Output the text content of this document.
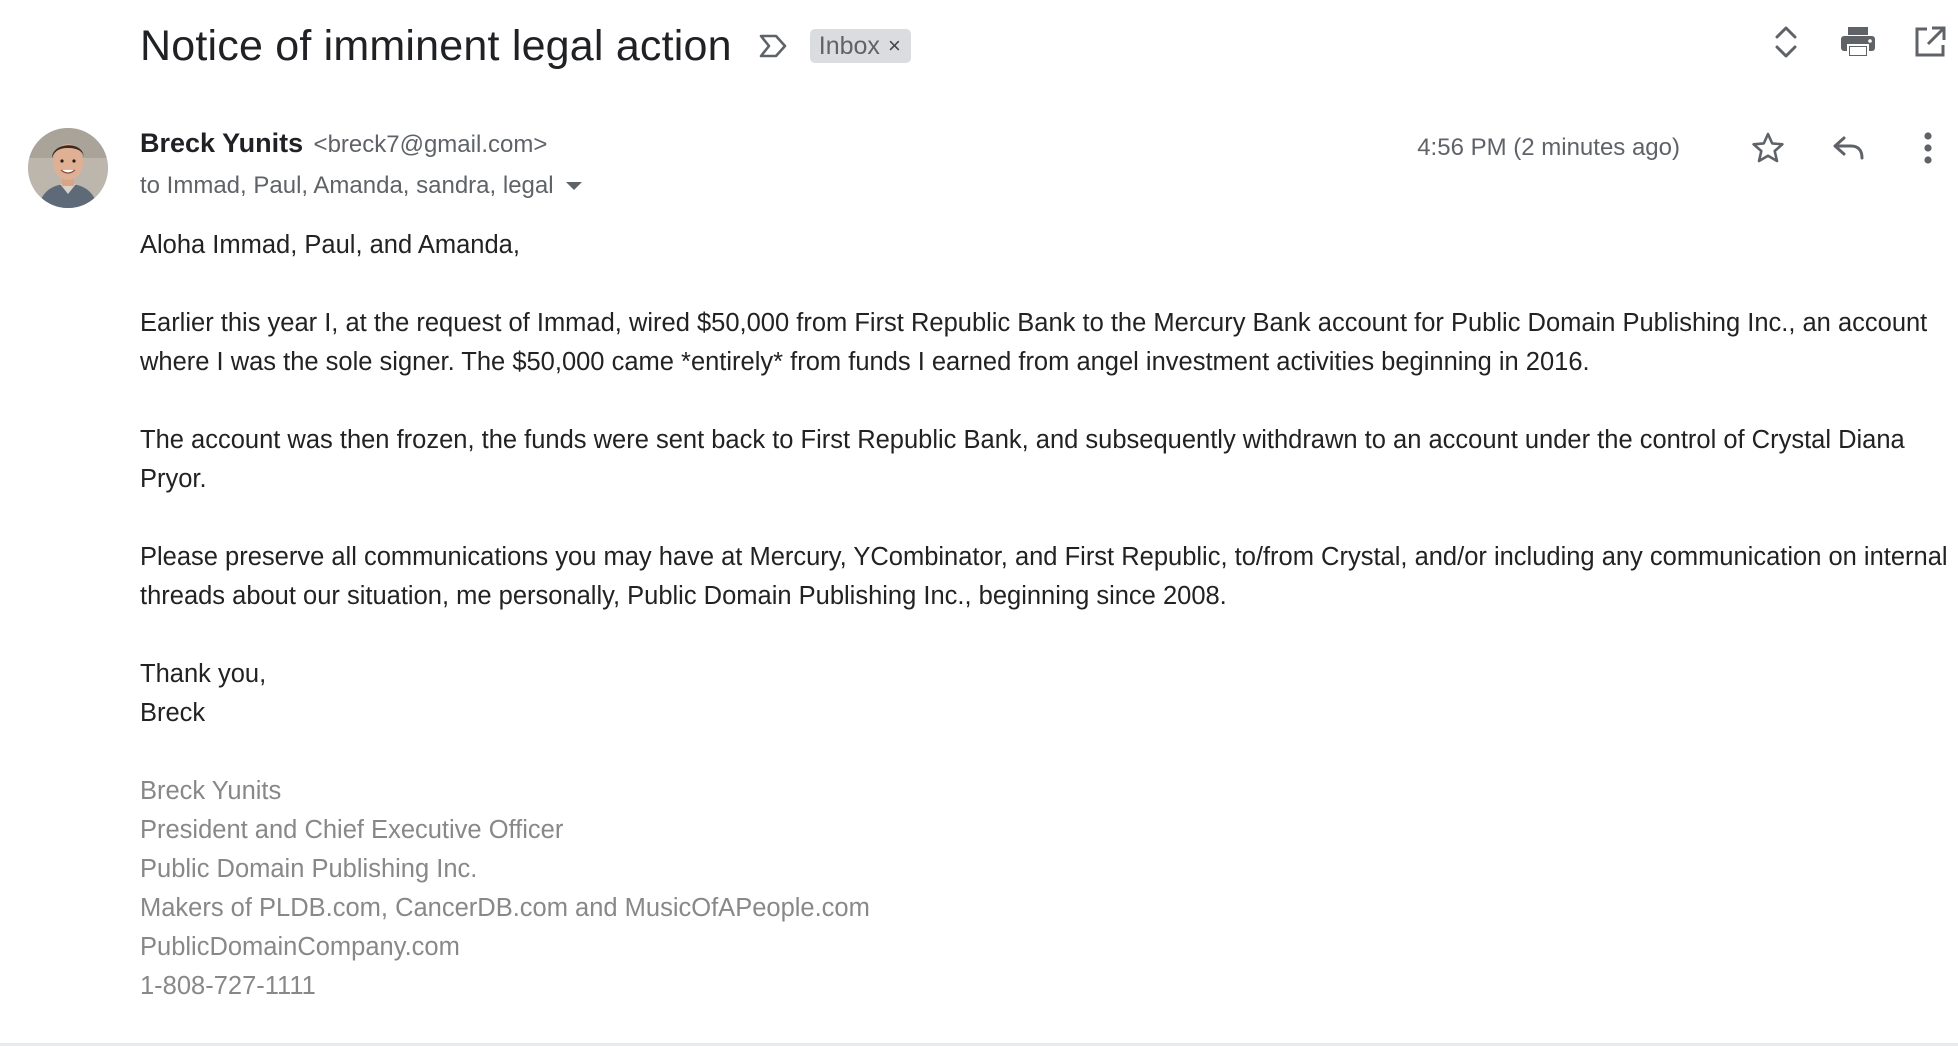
Notice of imminent legal action	Inbox ×
Breck Yunits <breck7@gmail.com>
to Immad, Paul, Amanda, sandra, legal
4:56 PM (2 minutes ago)

Aloha Immad, Paul, and Amanda,

Earlier this year I, at the request of Immad, wired $50,000 from First Republic Bank to the Mercury Bank account for Public Domain Publishing Inc., an account where I was the sole signer. The $50,000 came *entirely* from funds I earned from angel investment activities beginning in 2016.

The account was then frozen, the funds were sent back to First Republic Bank, and subsequently withdrawn to an account under the control of Crystal Diana Pryor.

Please preserve all communications you may have at Mercury, YCombinator, and First Republic, to/from Crystal, and/or including any communication on internal threads about our situation, me personally, Public Domain Publishing Inc., beginning since 2008.

Thank you,

Breck

Breck Yunits
President and Chief Executive Officer
Public Domain Publishing Inc.
Makers of PLDB.com, CancerDB.com and MusicOfAPeople.com
PublicDomainCompany.com
1-808-727-1111
